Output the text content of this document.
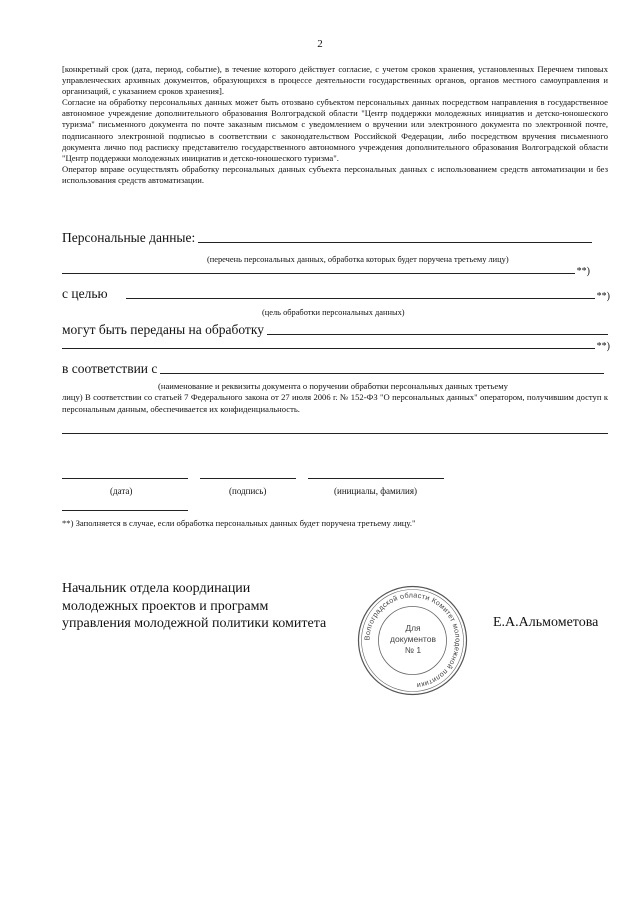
2

[конкретный срок (дата, период, событие), в течение которого действует согласие, с учетом сроков хранения, установленных Перечнем типовых управленческих архивных документов, образующихся в процессе деятельности государственных органов, органов местного самоуправления и организаций, с указанием сроков хранения].

Согласие на обработку персональных данных может быть отозвано субъектом персональных данных посредством направления в государственное автономное учреждение дополнительного образования Волгоградской области "Центр поддержки молодежных инициатив и детско-юношеского туризма" письменного документа по почте заказным письмом с уведомлением о вручении или электронного документа по электронной почте, подписанного электронной подписью в соответствии с законодательством Российской Федерации, либо посредством вручения письменного документа лично под расписку представителю государственного автономного учреждения дополнительного образования Волгоградской области "Центр поддержки молодежных инициатив и детско-юношеского туризма".

Оператор вправе осуществлять обработку персональных данных субъекта персональных данных с использованием средств автоматизации и без использования средств автоматизации.

Персональные данные:
(перечень персональных данных, обработка которых будет поручена третьему лицу)
**)
с целью	**)
(цель обработки персональных данных)
могут быть переданы на обработку
**)
в соответствии с
(наименование и реквизиты документа о поручении обработки персональных данных третьему
лицу) В соответствии со статьей 7 Федерального закона от 27 июля 2006 г. № 152-ФЗ "О персональных данных" оператором, получившим доступ к персональным данным, обеспечивается их конфиденциальность.
(дата)	(подпись)	(инициалы, фамилия)
**) Заполняется в случае, если обработка персональных данных будет поручена третьему лицу."
Начальник отдела координации
молодежных проектов и программ
управления молодежной политики комитета
Волгоградской области Комитет молодежной политики
Для
документов
№ 1
Е.А.Альмометова
